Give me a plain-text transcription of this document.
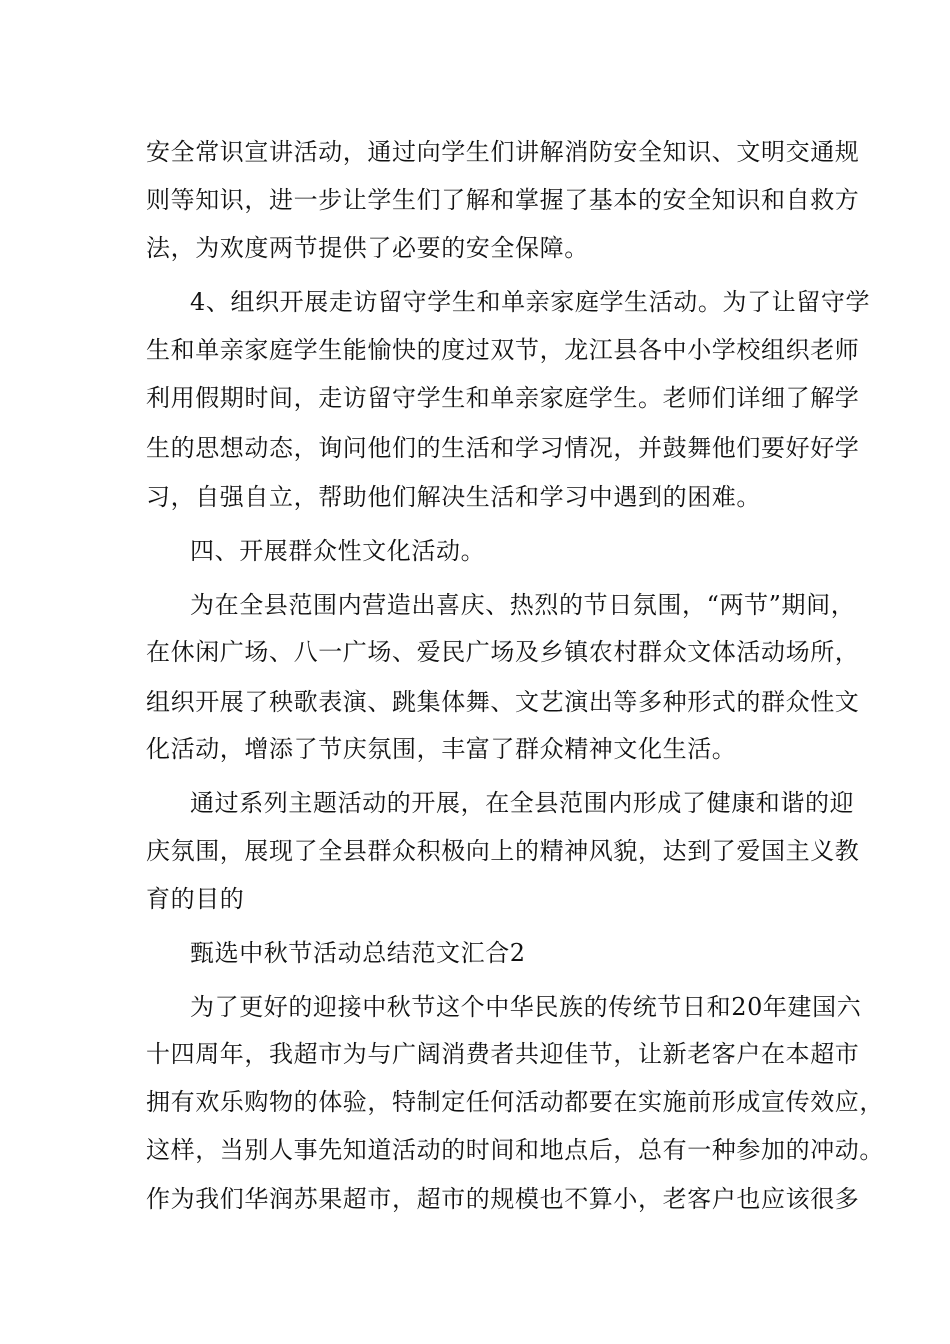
安全常识宣讲活动，通过向学生们讲解消防安全知识、文明交通规

则等知识，进一步让学生们了解和掌握了基本的安全知识和自救方

法，为欢度两节提供了必要的安全保障。

4、组织开展走访留守学生和单亲家庭学生活动。为了让留守学

生和单亲家庭学生能愉快的度过双节，龙江县各中小学校组织老师

利用假期时间，走访留守学生和单亲家庭学生。老师们详细了解学

生的思想动态，询问他们的生活和学习情况，并鼓舞他们要好好学

习，自强自立，帮助他们解决生活和学习中遇到的困难。

四、开展群众性文化活动。

为在全县范围内营造出喜庆、热烈的节日氛围，“两节”期间，

在休闲广场、八一广场、爱民广场及乡镇农村群众文体活动场所，

组织开展了秧歌表演、跳集体舞、文艺演出等多种形式的群众性文

化活动，增添了节庆氛围，丰富了群众精神文化生活。

通过系列主题活动的开展，在全县范围内形成了健康和谐的迎

庆氛围，展现了全县群众积极向上的精神风貌，达到了爱国主义教

育的目的

甄选中秋节活动总结范文汇合2

为了更好的迎接中秋节这个中华民族的传统节日和20年建国六

十四周年，我超市为与广阔消费者共迎佳节，让新老客户在本超市

拥有欢乐购物的体验，特制定任何活动都要在实施前形成宣传效应，

这样，当别人事先知道活动的时间和地点后，总有一种参加的冲动。

作为我们华润苏果超市，超市的规模也不算小，老客户也应该很多
